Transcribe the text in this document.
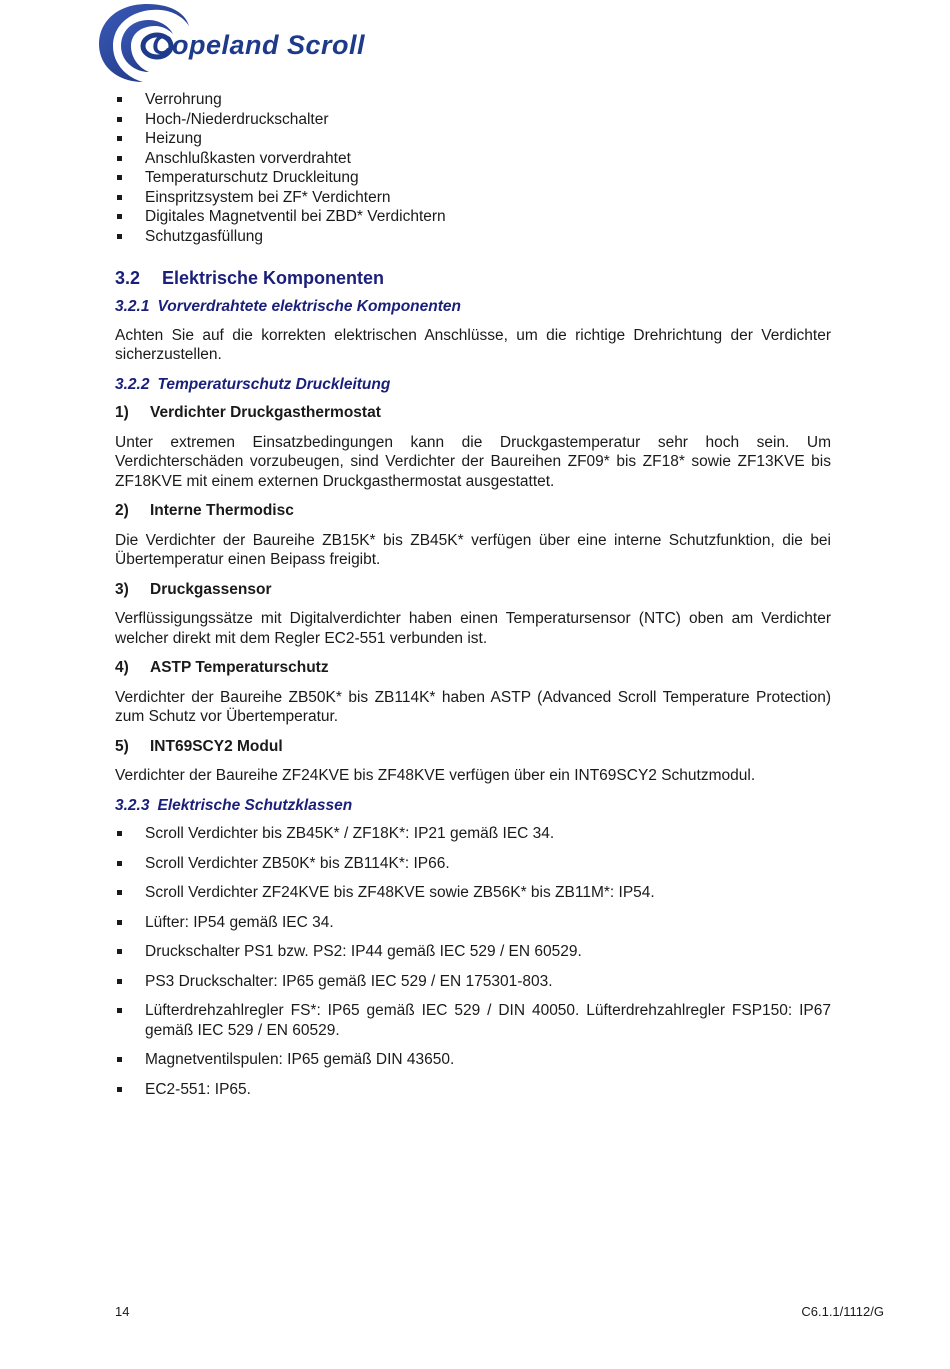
Copeland Scroll
Verrohrung
Hoch-/Niederdruckschalter
Heizung
Anschlußkasten vorverdrahtet
Temperaturschutz Druckleitung
Einspritzsystem bei ZF* Verdichtern
Digitales Magnetventil bei ZBD* Verdichtern
Schutzgasfüllung
3.2 Elektrische Komponenten
3.2.1 Vorverdrahtete elektrische Komponenten

Achten Sie auf die korrekten elektrischen Anschlüsse, um die richtige Drehrichtung der Verdichter sicherzustellen.

3.2.2 Temperaturschutz Druckleitung
1) Verdichter Druckgasthermostat

Unter extremen Einsatzbedingungen kann die Druckgastemperatur sehr hoch sein. Um Verdichterschäden vorzubeugen, sind Verdichter der Baureihen ZF09* bis ZF18* sowie ZF13KVE bis ZF18KVE mit einem externen Druckgasthermostat ausgestattet.

2) Interne Thermodisc

Die Verdichter der Baureihe ZB15K* bis ZB45K* verfügen über eine interne Schutzfunktion, die bei Übertemperatur einen Beipass freigibt.

3) Druckgassensor

Verflüssigungssätze mit Digitalverdichter haben einen Temperatursensor (NTC) oben am Verdichter welcher direkt mit dem Regler EC2-551 verbunden ist.

4) ASTP Temperaturschutz

Verdichter der Baureihe ZB50K* bis ZB114K* haben ASTP (Advanced Scroll Temperature Protection) zum Schutz vor Übertemperatur.

5) INT69SCY2 Modul

Verdichter der Baureihe ZF24KVE bis ZF48KVE verfügen über ein INT69SCY2 Schutzmodul.

3.2.3 Elektrische Schutzklassen
Scroll Verdichter bis ZB45K* / ZF18K*: IP21 gemäß IEC 34.
Scroll Verdichter ZB50K* bis ZB114K*: IP66.
Scroll Verdichter ZF24KVE bis ZF48KVE sowie ZB56K* bis ZB11M*: IP54.
Lüfter: IP54 gemäß IEC 34.
Druckschalter PS1 bzw. PS2: IP44 gemäß IEC 529 / EN 60529.
PS3 Druckschalter: IP65 gemäß IEC 529 / EN 175301-803.
Lüfterdrehzahlregler FS*: IP65 gemäß IEC 529 / DIN 40050. Lüfterdrehzahlregler FSP150: IP67 gemäß IEC 529 / EN 60529.
Magnetventilspulen: IP65 gemäß DIN 43650.
EC2-551: IP65.
14	C6.1.1/1112/G
